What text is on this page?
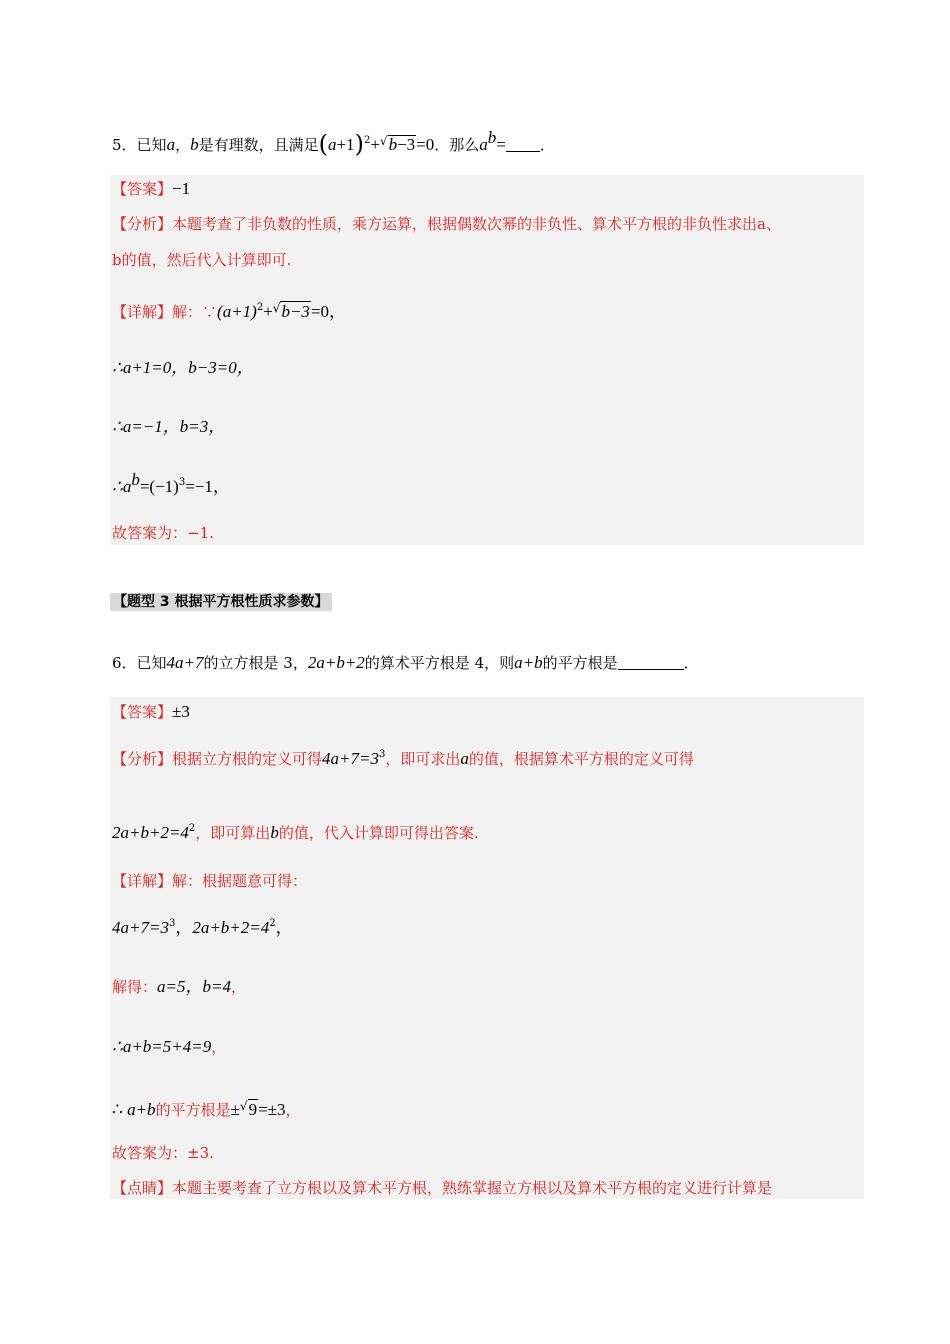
5．已知a，b是有理数，且满足$(a+1)^2+^√b-3=0$．那么$a^b=$ ．
【答案】−1
【分析】本题考查了非负数的性质，乘方运算，根据偶数次幂的非负性、算术平方根的非负性求出a、
b的值，然后代入计算即可.
【详解】解：$\because(a+1)^2+^√b-3=0$，
∴a+1=0，b−3=0，
∴a=−1，b=3，
$\therefore a^b=(-1)^3=-1$，
故答案为：−1.
【题型 3 根据平方根性质求参数】
6．已知4a+7的立方根是 3，2a+b+2的算术平方根是 4，则a+b的平方根是	．
【答案】±3
【分析】根据立方根的定义可得$4a+7=3^3$，即可求出a的值，根据算术平方根的定义可得
$2a+b+2=4^2$，即可算出b的值，代入计算即可得出答案.
【详解】解：根据题意可得：
$4a+7=3^3$，$2a+b+2=4^2$，
解得：a=5，b=4，
∴a+b=5+4=9，
∴ a+b的平方根是±√9=±3，
故答案为：±3.
【点睛】本题主要考查了立方根以及算术平方根，熟练掌握立方根以及算术平方根的定义进行计算是
